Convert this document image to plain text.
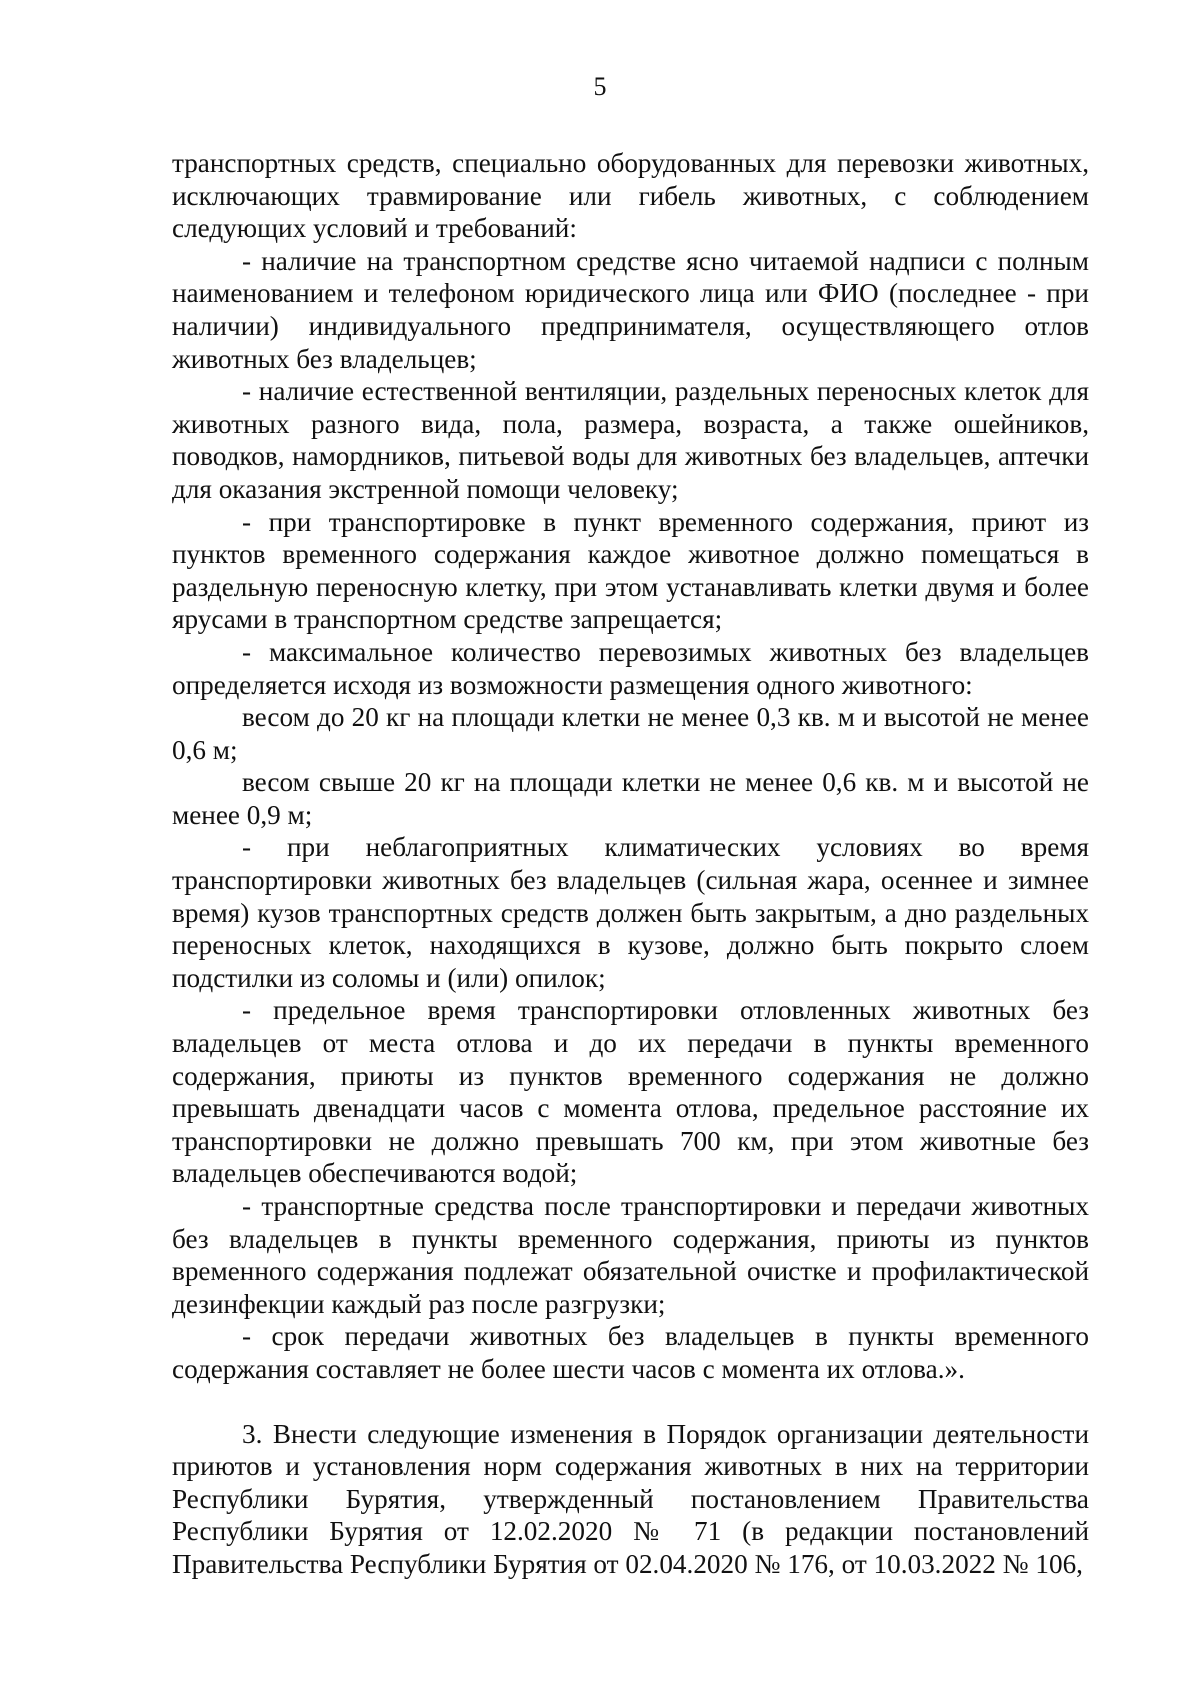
5

транспортных средств, специально оборудованных для перевозки животных, исключающих травмирование или гибель животных, с соблюдением следующих условий и требований:

- наличие на транспортном средстве ясно читаемой надписи с полным наименованием и телефоном юридического лица или ФИО (последнее - при наличии) индивидуального предпринимателя, осуществляющего отлов животных без владельцев;

- наличие естественной вентиляции, раздельных переносных клеток для животных разного вида, пола, размера, возраста, а также ошейников, поводков, намордников, питьевой воды для животных без владельцев, аптечки для оказания экстренной помощи человеку;

- при транспортировке в пункт временного содержания, приют из пунктов временного содержания каждое животное должно помещаться в раздельную переносную клетку, при этом устанавливать клетки двумя и более ярусами в транспортном средстве запрещается;

- максимальное количество перевозимых животных без владельцев определяется исходя из возможности размещения одного животного:

весом до 20 кг на площади клетки не менее 0,3 кв. м и высотой не менее 0,6 м;

весом свыше 20 кг на площади клетки не менее 0,6 кв. м и высотой не менее 0,9 м;

- при неблагоприятных климатических условиях во время транспортировки животных без владельцев (сильная жара, осеннее и зимнее время) кузов транспортных средств должен быть закрытым, а дно раздельных переносных клеток, находящихся в кузове, должно быть покрыто слоем подстилки из соломы и (или) опилок;

- предельное время транспортировки отловленных животных без владельцев от места отлова и до их передачи в пункты временного содержания, приюты из пунктов временного содержания не должно превышать двенадцати часов с момента отлова, предельное расстояние их транспортировки не должно превышать 700 км, при этом животные без владельцев обеспечиваются водой;

- транспортные средства после транспортировки и передачи животных без владельцев в пункты временного содержания, приюты из пунктов временного содержания подлежат обязательной очистке и профилактической дезинфекции каждый раз после разгрузки;

- срок передачи животных без владельцев в пункты временного содержания составляет не более шести часов с момента их отлова.».

3. Внести следующие изменения в Порядок организации деятельности приютов и установления норм содержания животных в них на территории Республики Бурятия, утвержденный постановлением Правительства Республики Бурятия от 12.02.2020 № 71 (в редакции постановлений Правительства Республики Бурятия от 02.04.2020 № 176, от 10.03.2022 № 106,
